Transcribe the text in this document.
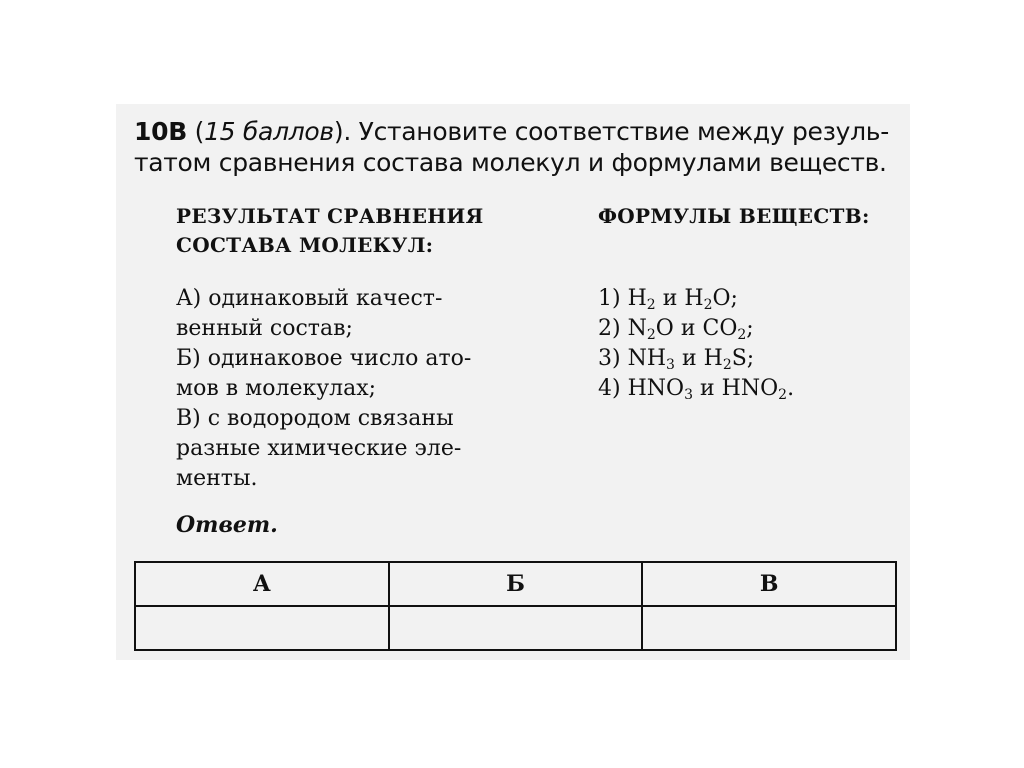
10В (15 баллов). Установите соответствие между резуль-
татом сравнения состава молекул и формулами веществ.
РЕЗУЛЬТАТ СРАВНЕНИЯ
СОСТАВА МОЛЕКУЛ:
ФОРМУЛЫ ВЕЩЕСТВ:
А) одинаковый качест-
венный состав;
Б) одинаковое число ато-
мов в молекулах;
В) с водородом связаны
разные химические эле-
менты.
1) $H_2$ и $H_2O$;
2) $N_2O$ и $CO_2$;
3) $NH_3$ и $H_2S$;
4) $HNO_3$ и $HNO_2$.
Ответ.
А	Б	В
